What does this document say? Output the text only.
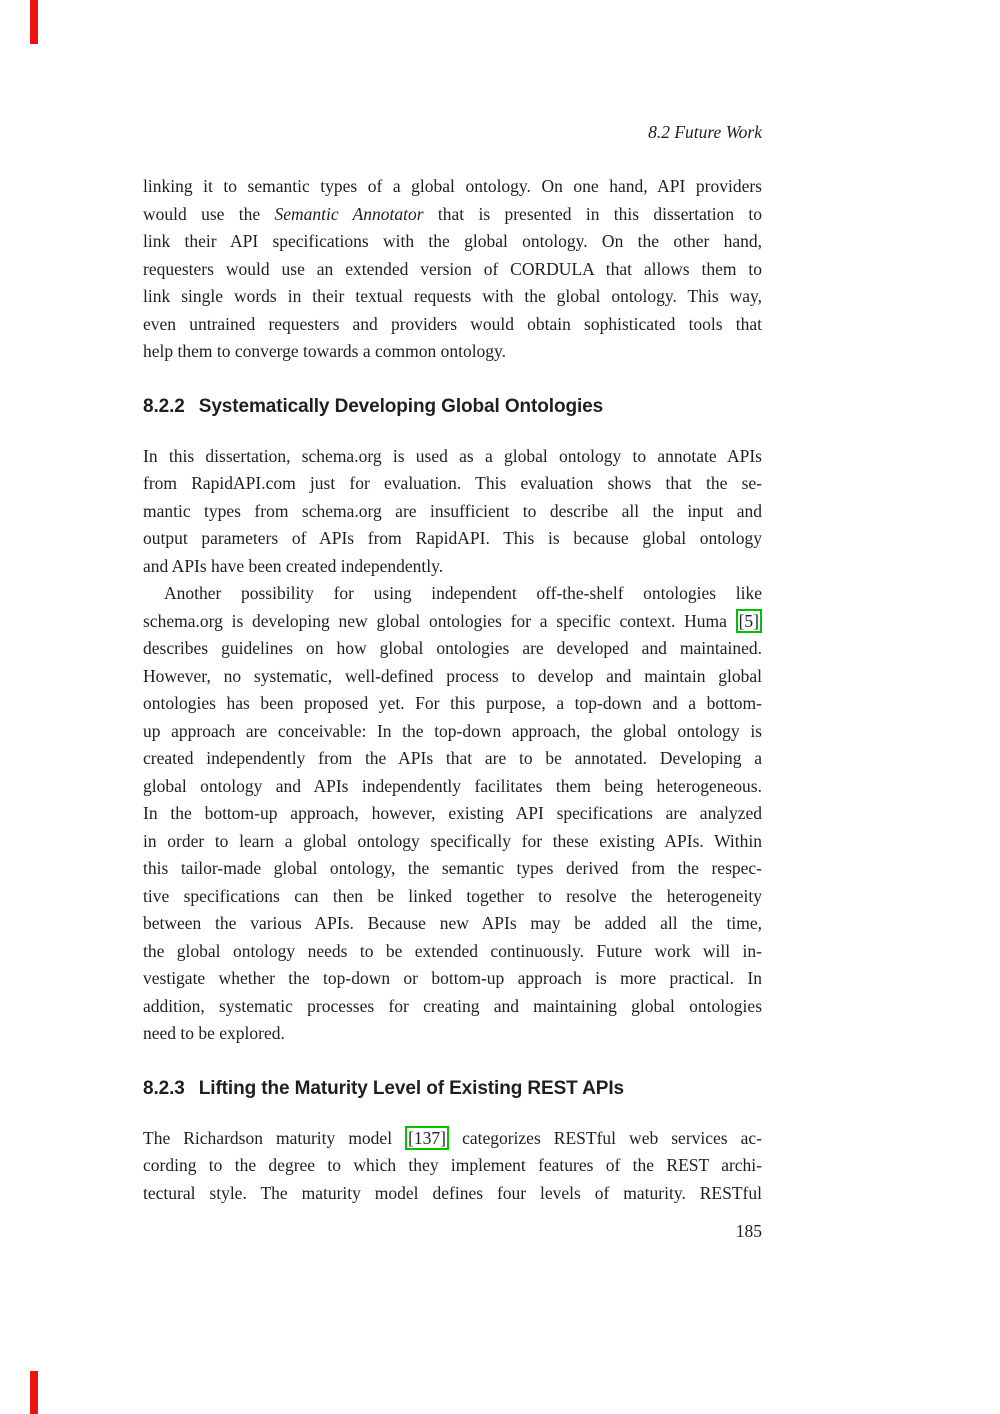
8.2 Future Work
linking it to semantic types of a global ontology. On one hand, API providers
would use the Semantic Annotator that is presented in this dissertation to
link their API specifications with the global ontology. On the other hand,
requesters would use an extended version of CORDULA that allows them to
link single words in their textual requests with the global ontology. This way,
even untrained requesters and providers would obtain sophisticated tools that
help them to converge towards a common ontology.
8.2.2 Systematically Developing Global Ontologies
In this dissertation, schema.org is used as a global ontology to annotate APIs
from RapidAPI.com just for evaluation. This evaluation shows that the se-
mantic types from schema.org are insufficient to describe all the input and
output parameters of APIs from RapidAPI. This is because global ontology
and APIs have been created independently.
Another possibility for using independent off-the-shelf ontologies like
schema.org is developing new global ontologies for a specific context. Huma [5]
describes guidelines on how global ontologies are developed and maintained.
However, no systematic, well-defined process to develop and maintain global
ontologies has been proposed yet. For this purpose, a top-down and a bottom-
up approach are conceivable: In the top-down approach, the global ontology is
created independently from the APIs that are to be annotated. Developing a
global ontology and APIs independently facilitates them being heterogeneous.
In the bottom-up approach, however, existing API specifications are analyzed
in order to learn a global ontology specifically for these existing APIs. Within
this tailor-made global ontology, the semantic types derived from the respec-
tive specifications can then be linked together to resolve the heterogeneity
between the various APIs. Because new APIs may be added all the time,
the global ontology needs to be extended continuously. Future work will in-
vestigate whether the top-down or bottom-up approach is more practical. In
addition, systematic processes for creating and maintaining global ontologies
need to be explored.
8.2.3 Lifting the Maturity Level of Existing REST APIs
The Richardson maturity model [137] categorizes RESTful web services ac-
cording to the degree to which they implement features of the REST archi-
tectural style. The maturity model defines four levels of maturity. RESTful
185
